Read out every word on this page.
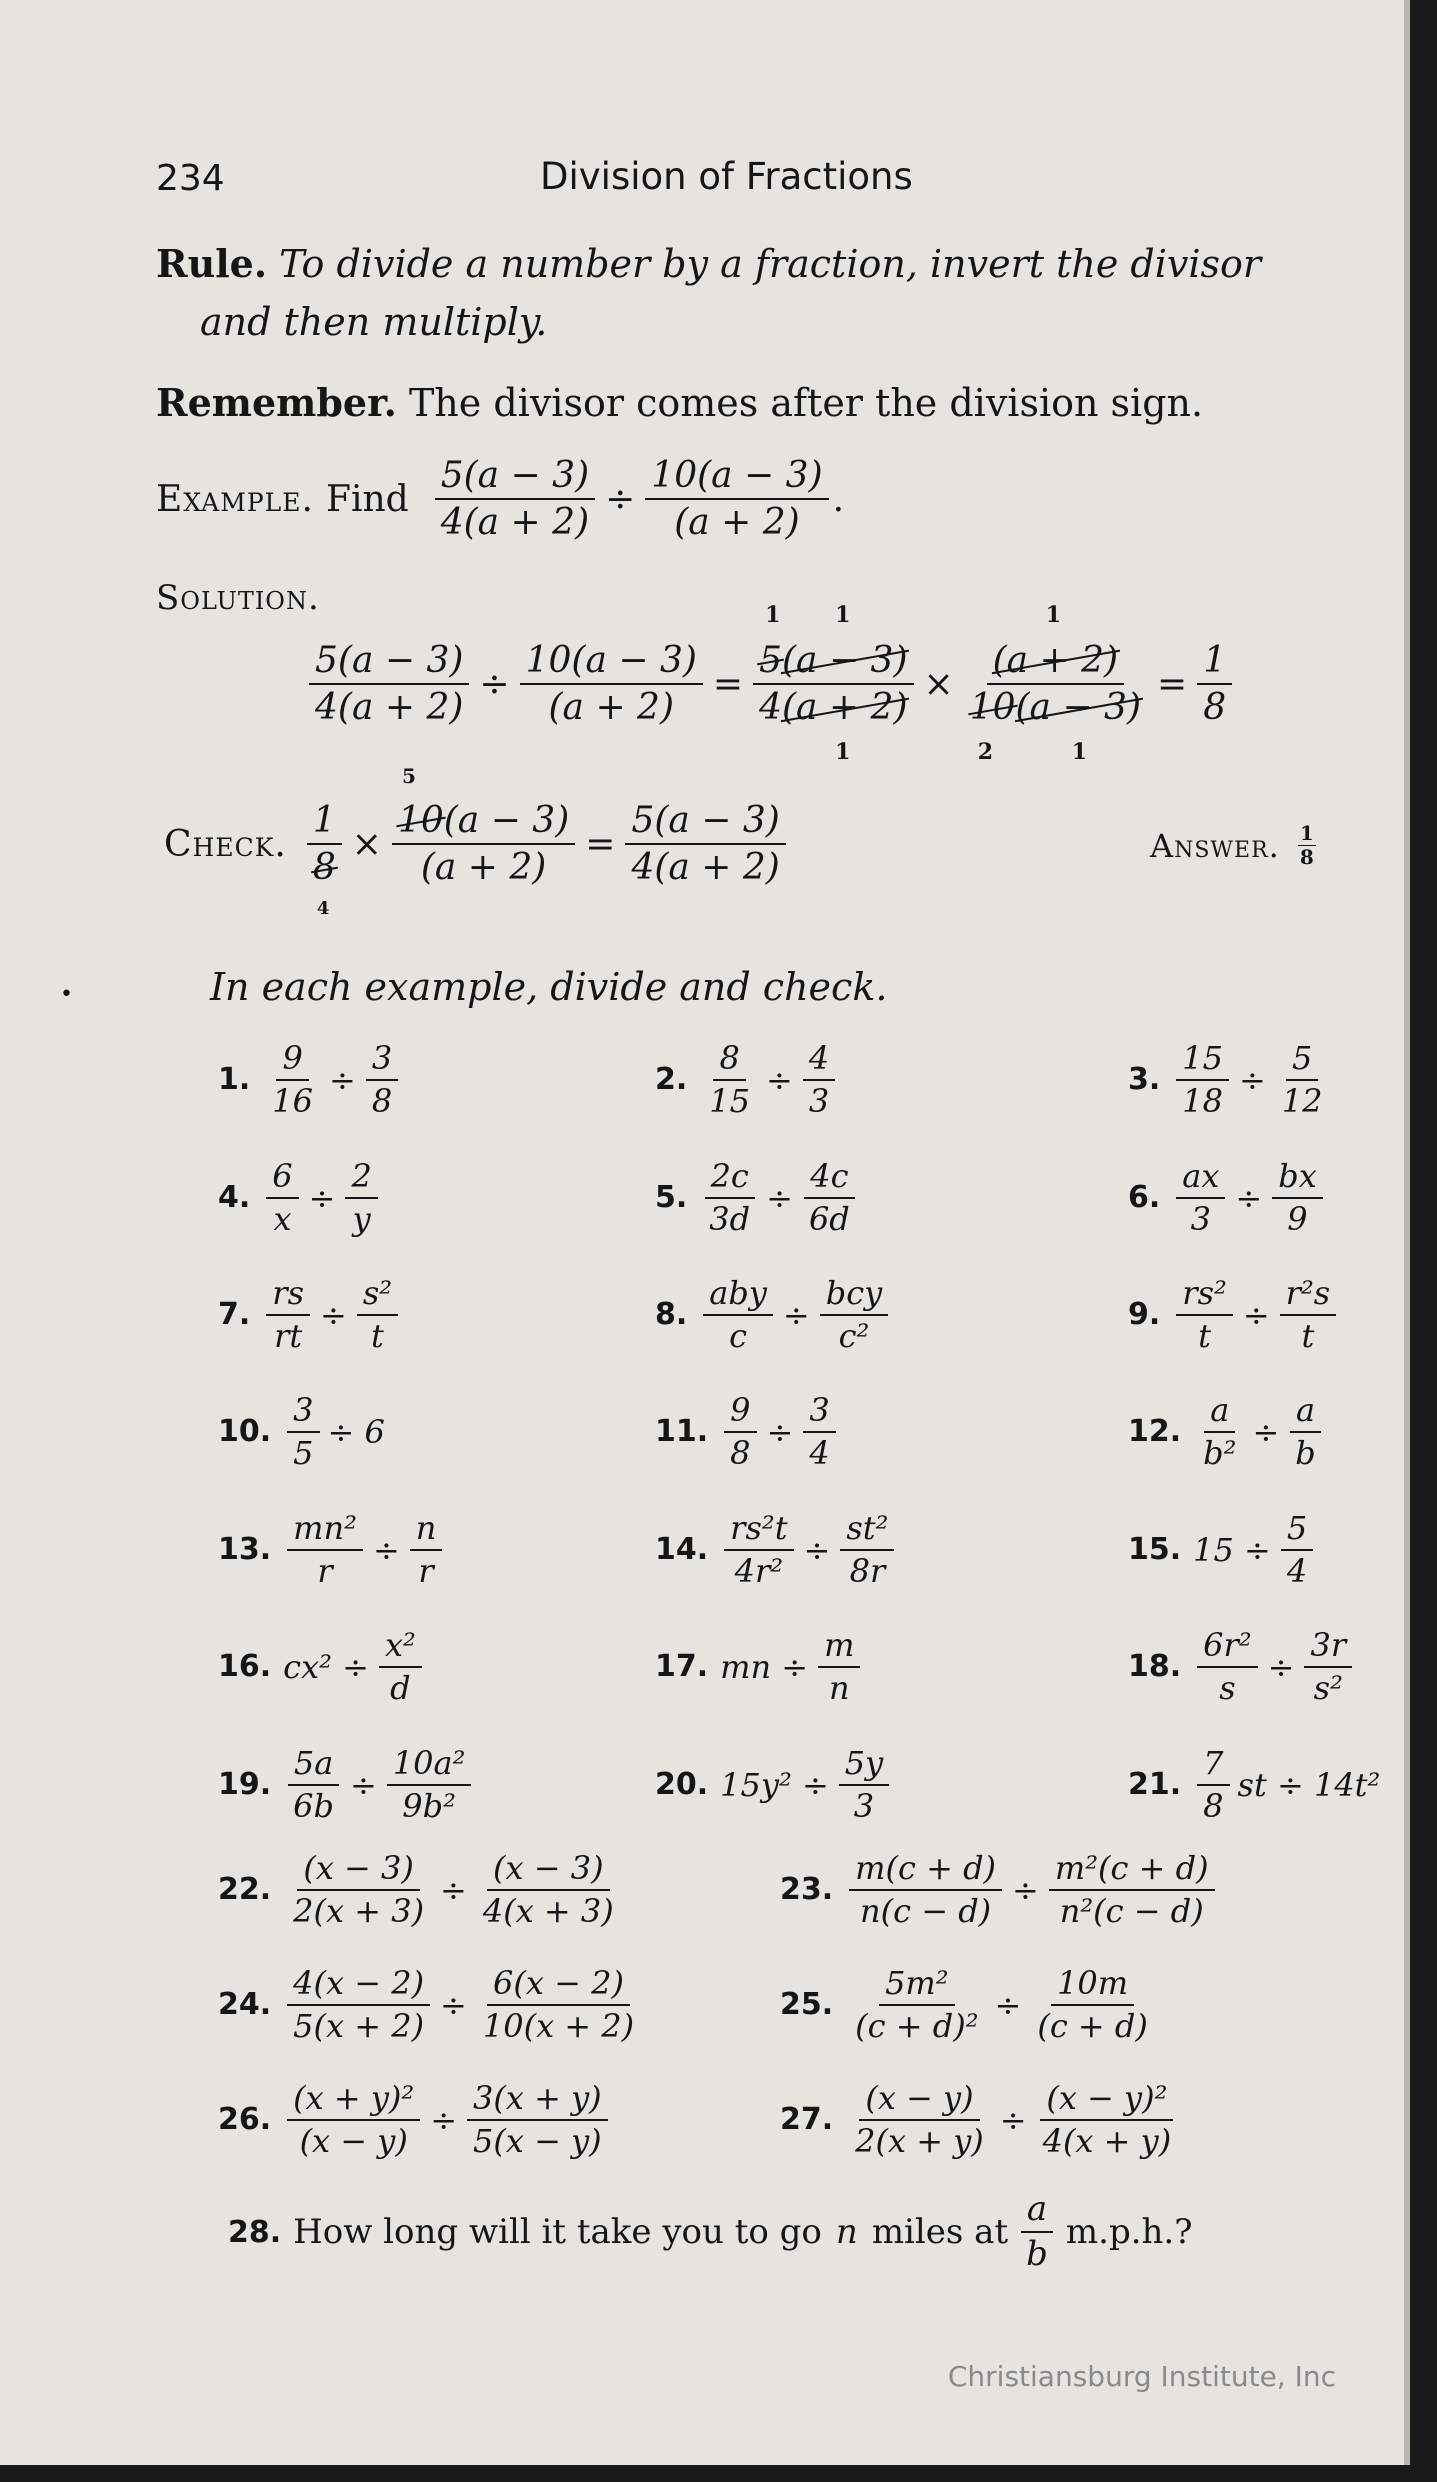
234	Division of Fractions
Rule. To divide a number by a fraction, invert the divisor
and then multiply.
Remember. The divisor comes after the division sign.
Example. Find $\frac{5(a - 3)}{4(a + 2)} \div \frac{10(a - 3)}{(a + 2)}$ .
Solution.
$\frac{5(a - 3)}{4(a + 2)} \div \frac{10(a - 3)}{(a + 2)}$ =
1 1
5(a − 3)
4(a + 2)
1
×
1
(a + 2)
10(a − 3)
2	1
= $\frac{1}{8}$
Check.
1
8
4
×
5
10(a − 3)
(a + 2)
= $\frac{5(a - 3)}{4(a + 2)}$	Answer. $\frac{1}{8}$
•	In each example, divide and check.
1. $\frac{9}{16} \div \frac{3}{8}$	2. $\frac{8}{15} \div \frac{4}{3}$	3. $\frac{15}{18} \div \frac{5}{12}$
4. $\frac{6}{x} \div \frac{2}{y}$	5. $\frac{2c}{3d} \div \frac{4c}{6d}$	6. $\frac{ax}{3} \div \frac{bx}{9}$
7. $\frac{rs}{rt} \div \frac{\text{s²}}{t}$	8. $\frac{\text{aby}}{c} \div \frac{\text{bcy}}{\text{c²}}$	9. $\frac{\text{rs²}}{t} \div \frac{\text{r²s}}{t}$
10. $\frac{3}{5} \div 6$	11. $\frac{9}{8} \div \frac{3}{4}$	12. $\frac{a}{\text{b²}} \div \frac{a}{b}$
13. $\frac{\text{mn²}}{r} \div \frac{n}{r}$	14. $\frac{\text{rs²t}}{\text{4r²}} \div \frac{\text{st²}}{8r}$	15. $15 \div \frac{5}{4}$
16. $cx^2 \div \frac{\text{x²}}{d}$	17. mn ÷ $\frac{m}{n}$	18. $\frac{\text{6r²}}{s} \div \frac{3r}{\text{s²}}$
19. $\frac{5a}{6b} \div \frac{\text{10a²}}{\text{9b²}}$	20. $15y^2 \div \frac{5y}{3}$	21. $\frac{7}{8}$ st ÷ 14t²
22. $\frac{(x - 3)}{2(x + 3)} \div \frac{(x - 3)}{4(x + 3)}$	23. $\frac{m(c + d)}{n(c - d)} \div \frac{\text{m²(c + d)}}{\text{n²(c − d)}}$
24. $\frac{4(x - 2)}{5(x + 2)} \div \frac{6(x - 2)}{10(x + 2)}$	25. $\frac{\text{5m²}}{\text{(c + d)²}} \div \frac{10m}{(c + d)}$
26. $\frac{\text{(x + y)²}}{(x - y)} \div \frac{3(x + y)}{5(x - y)}$	27. $\frac{(x - y)}{2(x + y)} \div \frac{\text{(x − y)²}}{4(x + y)}$
28. How long will it take you to go n miles at $\frac{a}{b} m.p.h$.?
Christiansburg Institute, Inc
